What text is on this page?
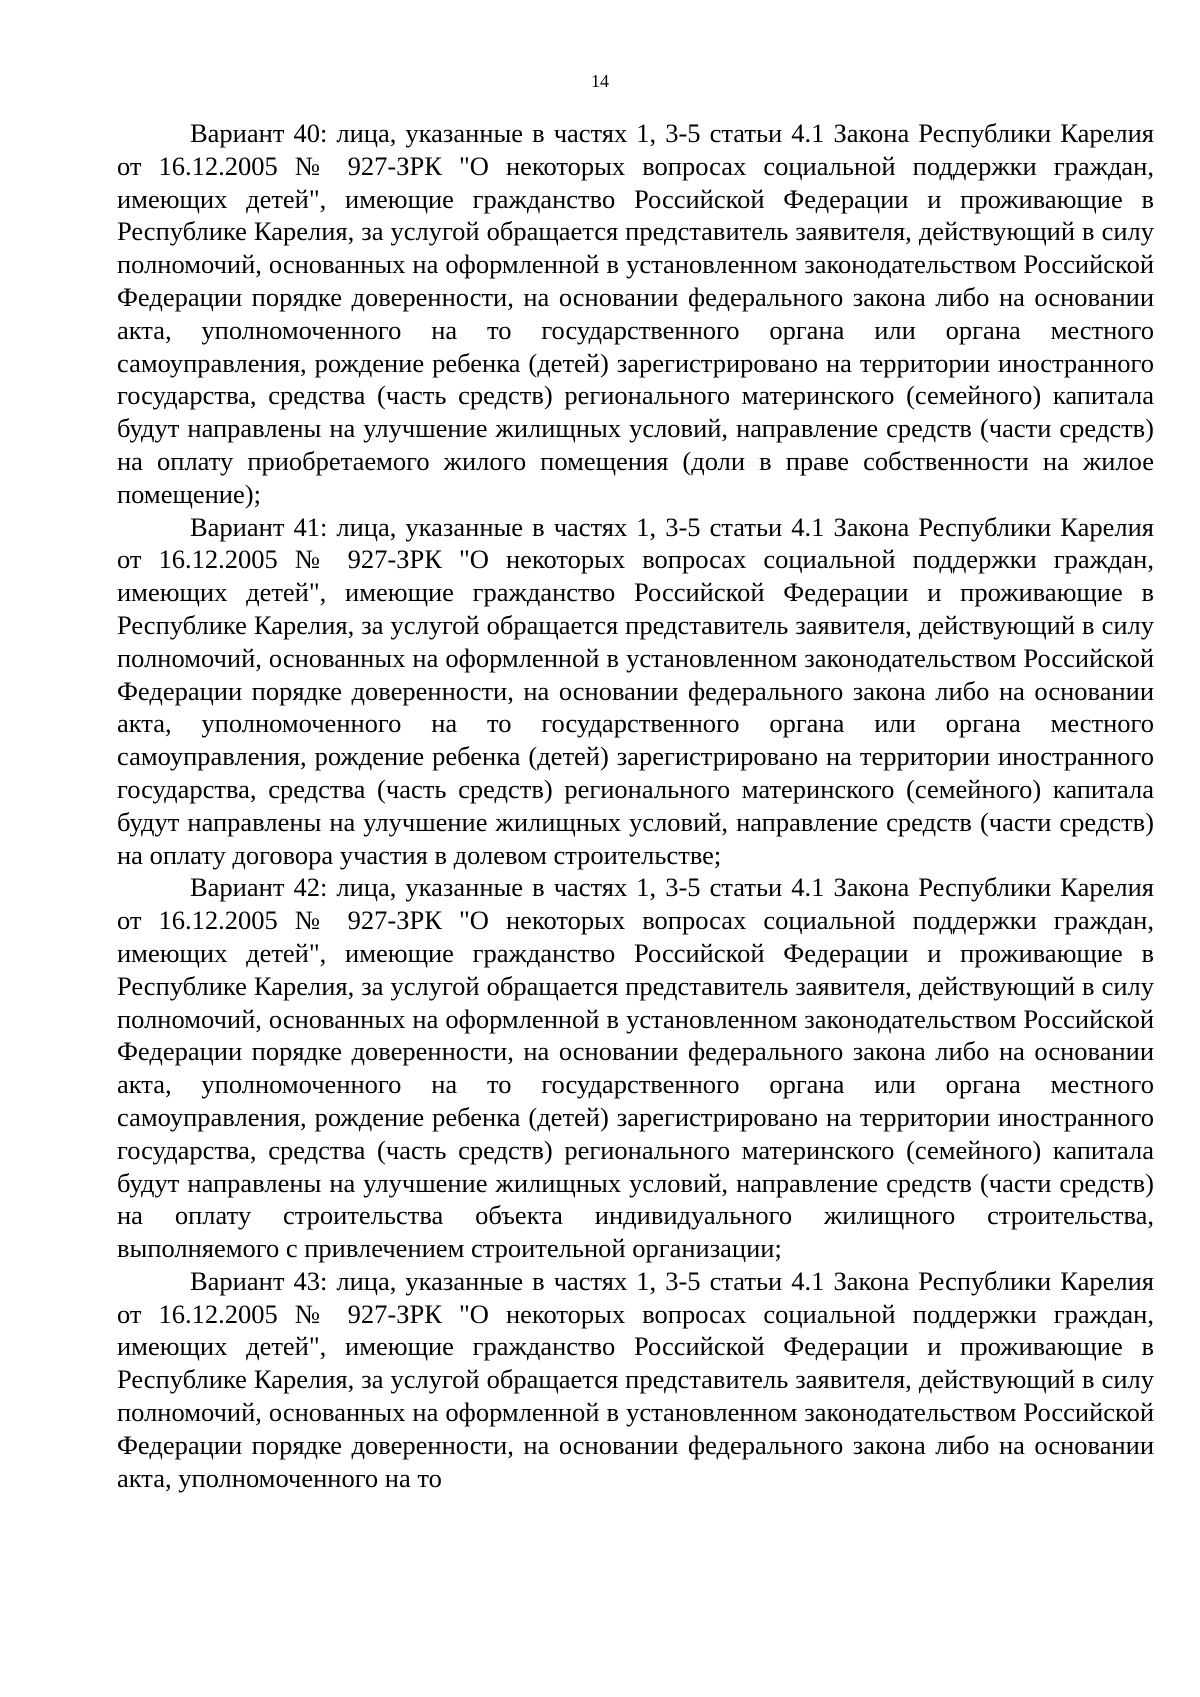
14

Вариант 40: лица, указанные в частях 1, 3-5 статьи 4.1 Закона Республики Карелия от 16.12.2005 № 927-ЗРК "О некоторых вопросах социальной поддержки граждан, имеющих детей", имеющие гражданство Российской Федерации и проживающие в Республике Карелия, за услугой обращается представитель заявителя, действующий в силу полномочий, основанных на оформленной в установленном законодательством Российской Федерации порядке доверенности, на основании федерального закона либо на основании акта, уполномоченного на то государственного органа или органа местного самоуправления, рождение ребенка (детей) зарегистрировано на территории иностранного государства, средства (часть средств) регионального материнского (семейного) капитала будут направлены на улучшение жилищных условий, направление средств (части средств) на оплату приобретаемого жилого помещения (доли в праве собственности на жилое помещение);

Вариант 41: лица, указанные в частях 1, 3-5 статьи 4.1 Закона Республики Карелия от 16.12.2005 № 927-ЗРК "О некоторых вопросах социальной поддержки граждан, имеющих детей", имеющие гражданство Российской Федерации и проживающие в Республике Карелия, за услугой обращается представитель заявителя, действующий в силу полномочий, основанных на оформленной в установленном законодательством Российской Федерации порядке доверенности, на основании федерального закона либо на основании акта, уполномоченного на то государственного органа или органа местного самоуправления, рождение ребенка (детей) зарегистрировано на территории иностранного государства, средства (часть средств) регионального материнского (семейного) капитала будут направлены на улучшение жилищных условий, направление средств (части средств) на оплату договора участия в долевом строительстве;

Вариант 42: лица, указанные в частях 1, 3-5 статьи 4.1 Закона Республики Карелия от 16.12.2005 № 927-ЗРК "О некоторых вопросах социальной поддержки граждан, имеющих детей", имеющие гражданство Российской Федерации и проживающие в Республике Карелия, за услугой обращается представитель заявителя, действующий в силу полномочий, основанных на оформленной в установленном законодательством Российской Федерации порядке доверенности, на основании федерального закона либо на основании акта, уполномоченного на то государственного органа или органа местного самоуправления, рождение ребенка (детей) зарегистрировано на территории иностранного государства, средства (часть средств) регионального материнского (семейного) капитала будут направлены на улучшение жилищных условий, направление средств (части средств) на оплату строительства объекта индивидуального жилищного строительства, выполняемого с привлечением строительной организации;

Вариант 43: лица, указанные в частях 1, 3-5 статьи 4.1 Закона Республики Карелия от 16.12.2005 № 927-ЗРК "О некоторых вопросах социальной поддержки граждан, имеющих детей", имеющие гражданство Российской Федерации и проживающие в Республике Карелия, за услугой обращается представитель заявителя, действующий в силу полномочий, основанных на оформленной в установленном законодательством Российской Федерации порядке доверенности, на основании федерального закона либо на основании акта, уполномоченного на то
